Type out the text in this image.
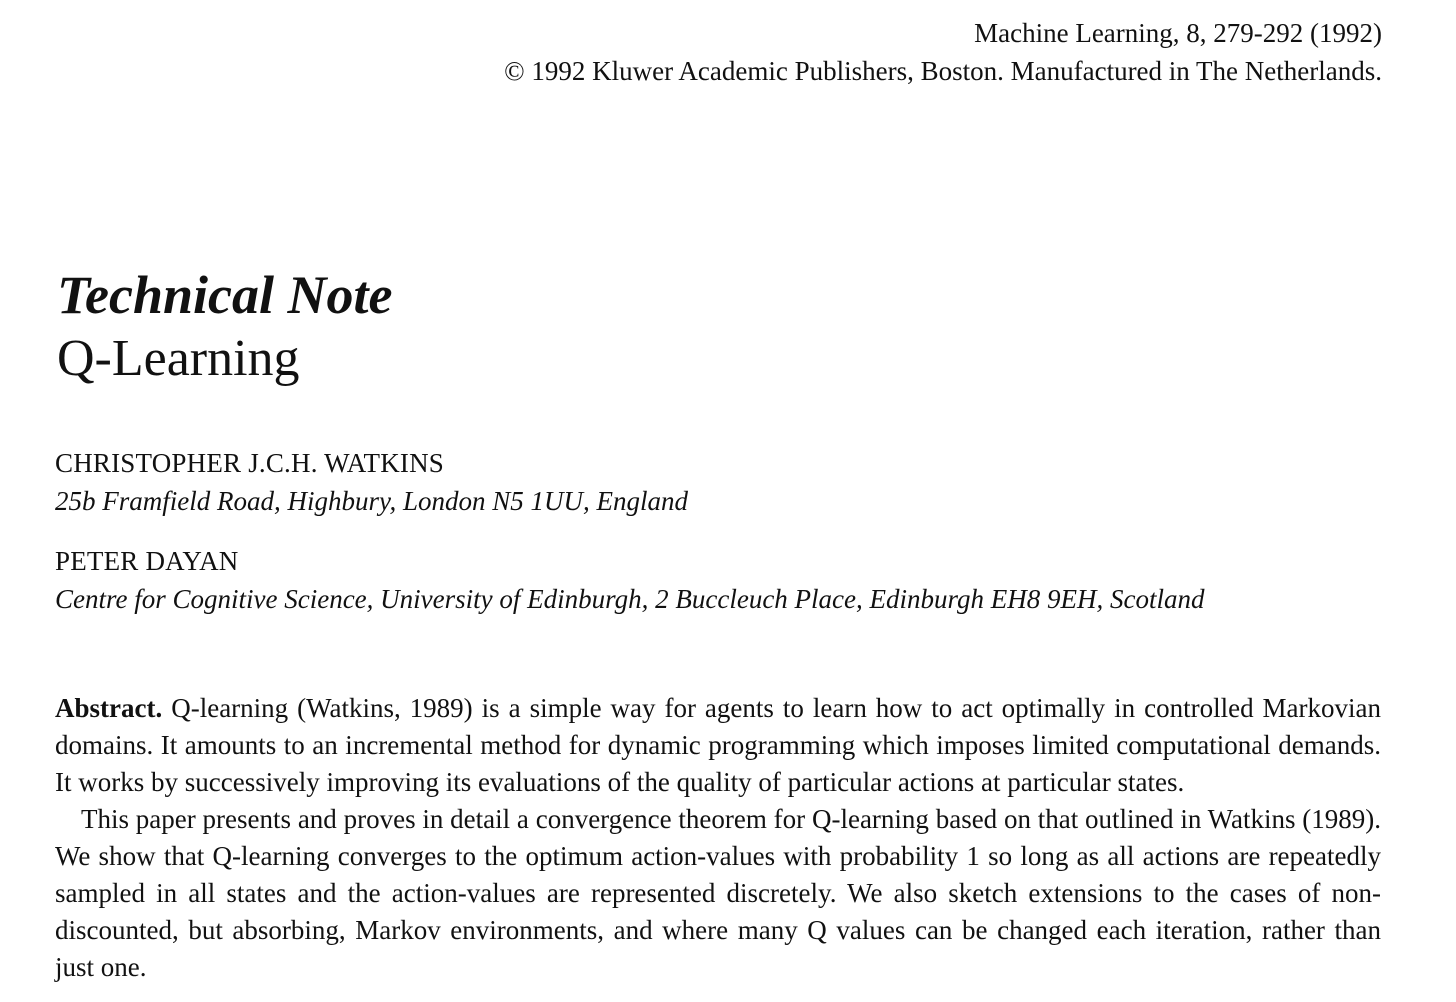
Machine Learning, 8, 279-292 (1992)
© 1992 Kluwer Academic Publishers, Boston. Manufactured in The Netherlands.
Technical Note
Q-Learning
CHRISTOPHER J.C.H. WATKINS
25b Framfield Road, Highbury, London N5 1UU, England
PETER DAYAN
Centre for Cognitive Science, University of Edinburgh, 2 Buccleuch Place, Edinburgh EH8 9EH, Scotland

Abstract. Q-learning (Watkins, 1989) is a simple way for agents to learn how to act optimally in controlled Markovian domains. It amounts to an incremental method for dynamic programming which imposes limited computational demands. It works by successively improving its evaluations of the quality of particular actions at particular states.

This paper presents and proves in detail a convergence theorem for Q-learning based on that outlined in Watkins (1989). We show that Q-learning converges to the optimum action-values with probability 1 so long as all actions are repeatedly sampled in all states and the action-values are represented discretely. We also sketch extensions to the cases of non-discounted, but absorbing, Markov environments, and where many Q values can be changed each iteration, rather than just one.
